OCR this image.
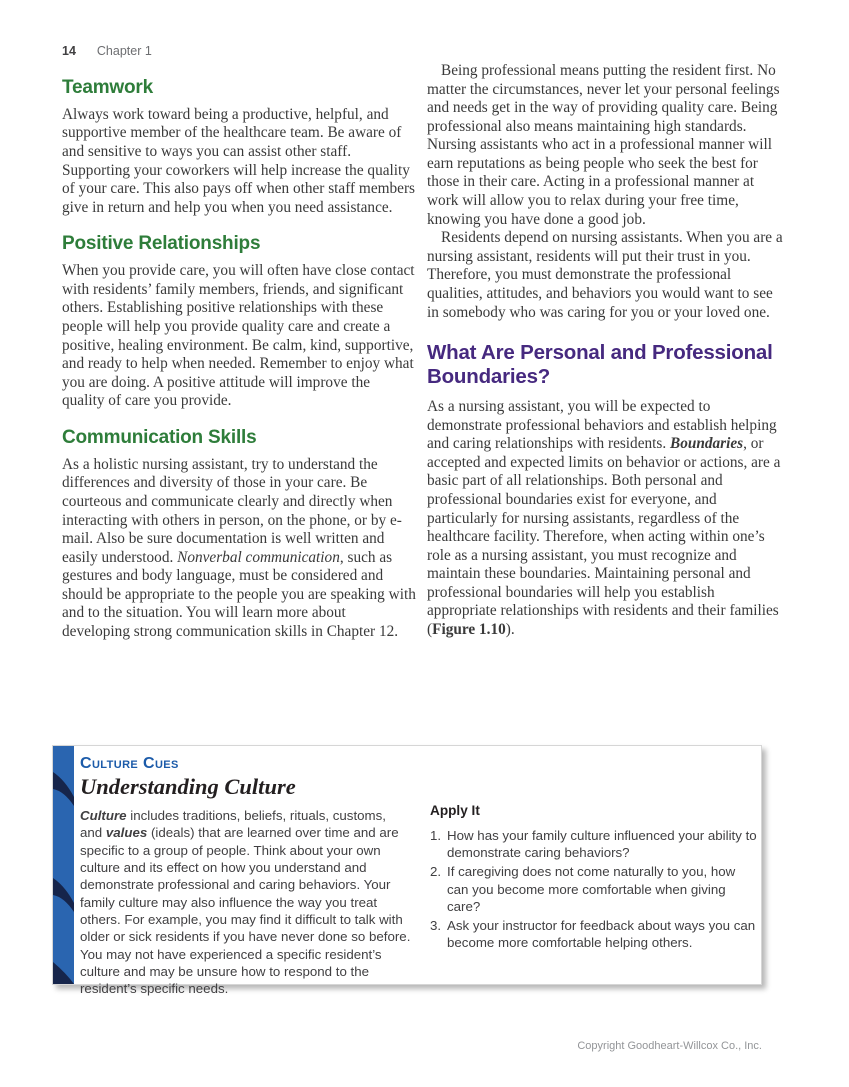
14 Chapter 1
Teamwork

Always work toward being a productive, helpful, and supportive member of the healthcare team. Be aware of and sensitive to ways you can assist other staff. Supporting your coworkers will help increase the quality of your care. This also pays off when other staff members give in return and help you when you need assistance.

Positive Relationships

When you provide care, you will often have close contact with residents’ family members, friends, and significant others. Establishing positive relationships with these people will help you provide quality care and create a positive, healing environment. Be calm, kind, supportive, and ready to help when needed. Remember to enjoy what you are doing. A positive attitude will improve the quality of care you provide.

Communication Skills

As a holistic nursing assistant, try to understand the differences and diversity of those in your care. Be courteous and communicate clearly and directly when interacting with others in person, on the phone, or by e-mail. Also be sure documentation is well written and easily understood. Nonverbal communication, such as gestures and body language, must be considered and should be appropriate to the people you are speaking with and to the situation. You will learn more about developing strong communication skills in Chapter 12.

Being professional means putting the resident first. No matter the circumstances, never let your personal feelings and needs get in the way of providing quality care. Being professional also means maintaining high standards. Nursing assistants who act in a professional manner will earn reputations as being people who seek the best for those in their care. Acting in a professional manner at work will allow you to relax during your free time, knowing you have done a good job.

Residents depend on nursing assistants. When you are a nursing assistant, residents will put their trust in you. Therefore, you must demonstrate the professional qualities, attitudes, and behaviors you would want to see in somebody who was caring for you or your loved one.

What Are Personal and Professional Boundaries?

As a nursing assistant, you will be expected to demonstrate professional behaviors and establish helping and caring relationships with residents. Boundaries, or accepted and expected limits on behavior or actions, are a basic part of all relationships. Both personal and professional boundaries exist for everyone, and particularly for nursing assistants, regardless of the healthcare facility. Therefore, when acting within one’s role as a nursing assistant, you must recognize and maintain these boundaries. Maintaining personal and professional boundaries will help you establish appropriate relationships with residents and their families (Figure 1.10).

Culture Cues
Understanding Culture
Culture includes traditions, beliefs, rituals, customs, and values (ideals) that are learned over time and are specific to a group of people. Think about your own culture and its effect on how you understand and demonstrate professional and caring behaviors. Your family culture may also influence the way you treat others. For example, you may find it difficult to talk with older or sick residents if you have never done so before. You may not have experienced a specific resident’s culture and may be unsure how to respond to the resident’s specific needs.
Apply It
1. How has your family culture influenced your ability to demonstrate caring behaviors?
2. If caregiving does not come naturally to you, how can you become more comfortable when giving care?
3. Ask your instructor for feedback about ways you can become more comfortable helping others.
Copyright Goodheart-Willcox Co., Inc.
